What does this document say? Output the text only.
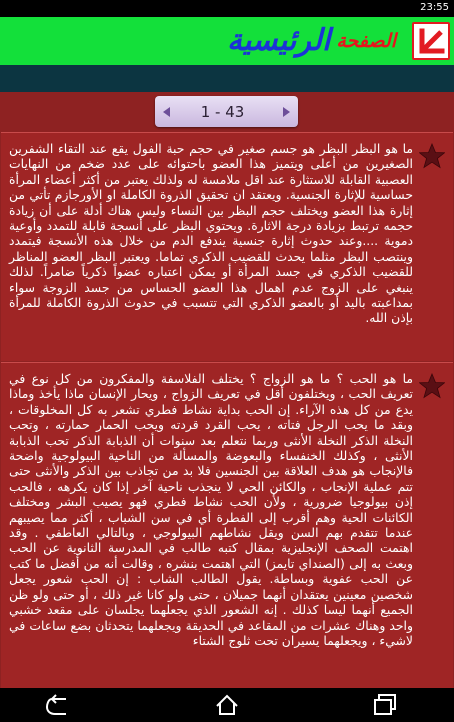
23:55
$^{الصفحة}$الرئيسية
1 - 43
ما هو البظر البظر هو جسم صغير في حجم حبة الفول يقع عند التقاء الشفرين الصغيرين من أعلى ويتميز هذا العضو باحتوائه على عدد ضخم من النهايات العصبية القابلة للاستثارة عند اقل ملامسة له ولذلك يعتبر من أكثر أعضاء المرأة حساسية للإثارة الجنسية. ويعتقد ان تحقيق الذروة الكاملة او الأورجازم تأتي من إثارة هذا العضو ويختلف حجم البظر بين النساء وليس هناك أدلة على أن زيادة حجمه ترتبط بزيادة درجة الاثارة. ويحتوي البظر على أنسجة قابلة للتمدد وأوعية دموية ....وعند حدوث إثارة جنسية يندفع الدم من خلال هذه الأنسجة فيتمدد وينتصب البظر مثلما يحدث للقضيب الذكري تماما. ويعتبر البظر العضو المناظر للقضيب الذكري في جسد المرأة أو يمكن اعتباره عضواً ذكرياً ضامراً. لذلك ينبغي على الزوج عدم اهمال هذا العضو الحساس من جسد الزوجة سواء بمداعبته باليد أو بالعضو الذكري التي تتسبب في حدوث الذروة الكاملة للمرأة بإذن الله.
ما هو الحب ؟ ما هو الزواج ؟ يختلف الفلاسفة والمفكرون من كل نوع في تعريف الحب ، ويختلفون أقل في تعريف الزواج ، ويحار الإنسان ماذا يأخذ وماذا يدع من كل هذه الآراء. إن الحب بداية نشاط فطري تشعر به كل المخلوقات ، وبقد ما يحب الرجل فتاته ، يحب القرد قردته ويحب الحمار حمارته ، وتحب النخلة الذكر النخلة الأنثى وربما نتعلم بعد سنوات أن الذبابة الذكر تحب الذبابة الأنثى ، وكذلك الخنفساء والبعوضة والمسألة من الناحية البيولوجية واضحة فالإنجاب هو هدف العلاقة بين الجنسين فلا بد من تجاذب بين الذكر والأنثى حتى تتم عملية الإنجاب ، والكائن الحي لا ينجذب ناحية آخر إذا كان يكرهه ، فالحب إذن بيولوجيا ضرورية ، ولأن الحب نشاط فطري فهو يصيب البشر ومختلف الكائنات الحية وهم أقرب إلى الفطرة أي في سن الشباب ، أكثر مما يصيبهم عندما تتقدم بهم السن ويقل نشاطهم البيولوجي ، وبالتالي العاطفي . وقد اهتمت الصحف الإنجليزية بمقال كتبه طالب في المدرسة الثانوية عن الحب وبعث به إلى (الصنداي تايمز) التي اهتمت بنشره ، وقالت أنه من أفضل ما كتب عن الحب عفوية وبساطة. يقول الطالب الشاب : إن الحب شعور يجعل شخصين معينين يعتقدان أنهما جميلان ، حتى ولو كانا غير ذلك ، أو حتى ولو ظن الجميع أنهما ليسا كذلك . إنه الشعور الذي يجعلهما يجلسان على مقعد خشبي واحد وهناك عشرات من المقاعد في الحديقة ويجعلهما يتحدثان بضع ساعات في لاشيء ، ويجعلهما يسيران تحت ثلوج الشتاء
